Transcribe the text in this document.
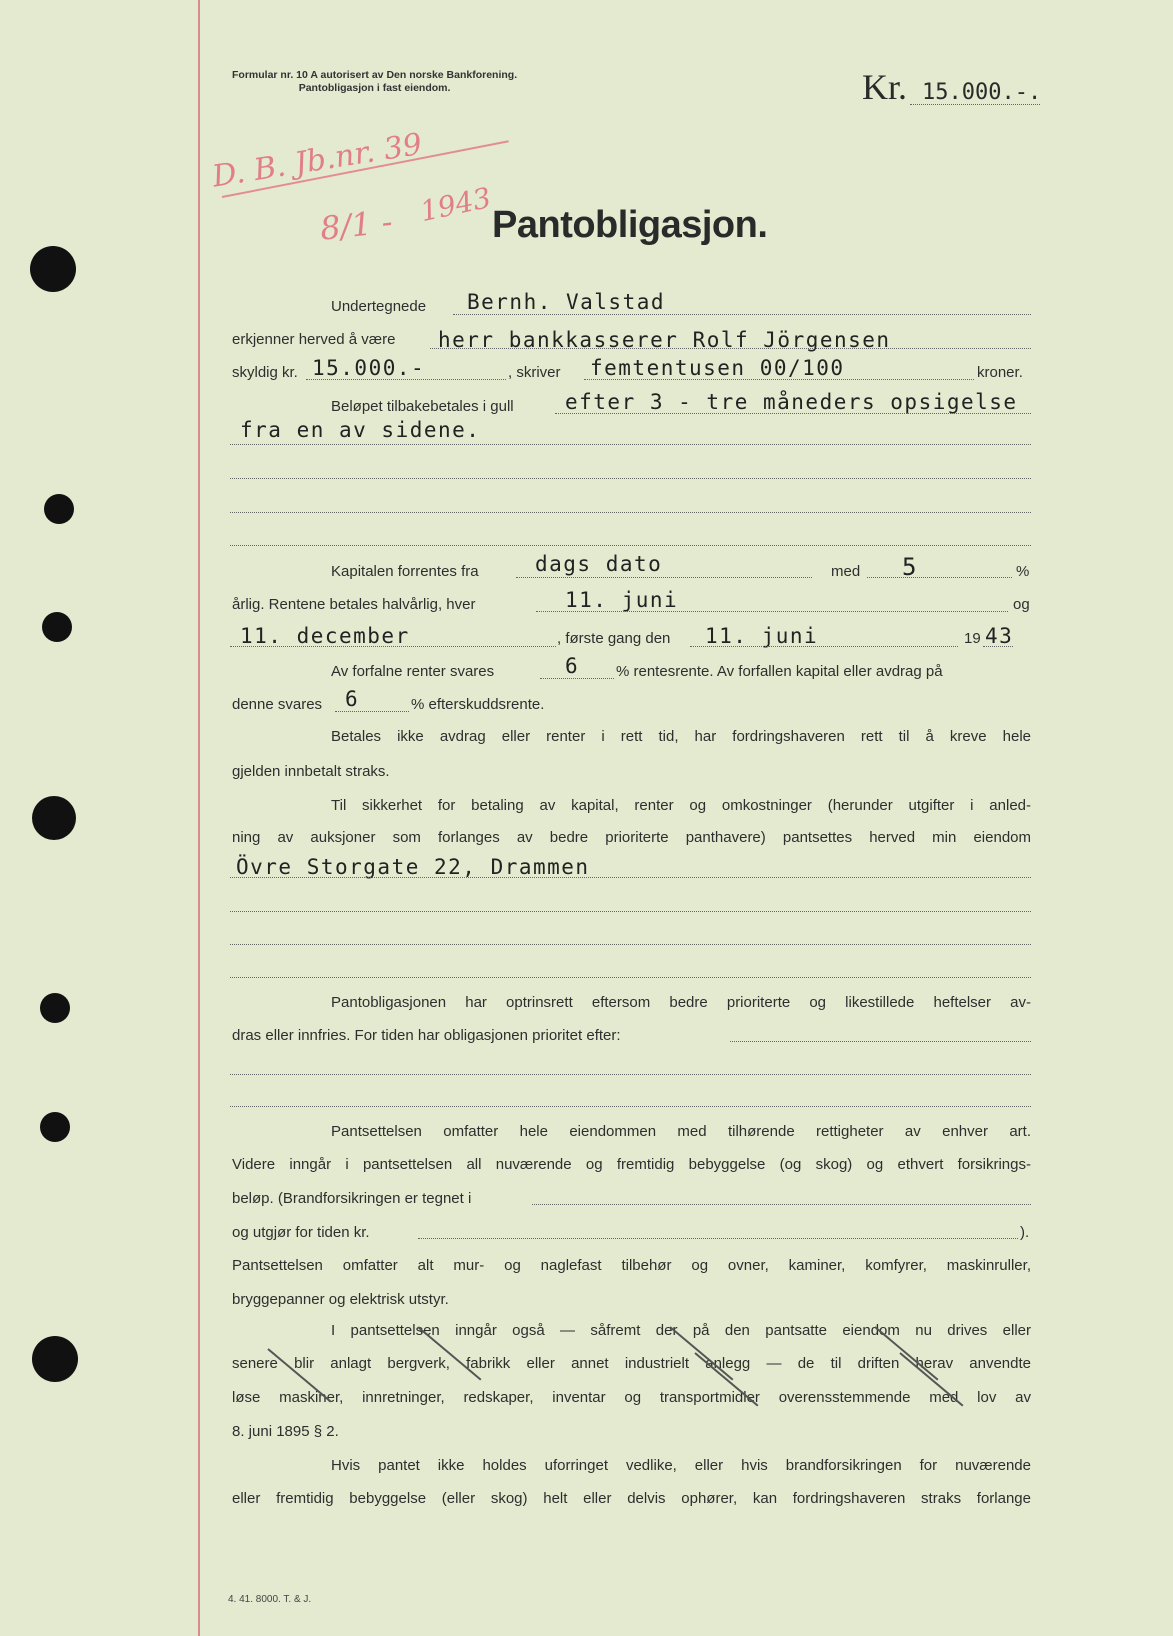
Formular nr. 10 A autorisert av Den norske Bankforening.
Pantobligasjon i fast eiendom.	Kr. 15.000.-.
D. B. Jb.nr. 39
8/1 - 1943
Pantobligasjon.
Undertegnede Bernh. Valstad
erkjenner herved å være herr bankkasserer Rolf Jörgensen
skyldig kr. 15.000.-	, skriver femtentusen 00/100	kroner.
Beløpet tilbakebetales i gull efter 3 - tre måneders opsigelse
fra en av sidene.
Kapitalen forrentes fra	dags dato	med 5	%
årlig. Rentene betales halvårlig, hver	11. juni	og
11. december	, første gang den 11. juni	19 43
Av forfalne renter svares	6 % rentesrente. Av forfallen kapital eller avdrag på
denne svares 6	% efterskuddsrente.
Betales ikke avdrag eller renter i rett tid, har fordringshaveren rett til å kreve hele
gjelden innbetalt straks.
Til sikkerhet for betaling av kapital, renter og omkostninger (herunder utgifter i anled-
ning av auksjoner som forlanges av bedre prioriterte panthavere) pantsettes herved min eiendom
Övre Storgate 22, Drammen
Pantobligasjonen har optrinsrett eftersom bedre prioriterte og likestillede heftelser av-
dras eller innfries. For tiden har obligasjonen prioritet efter:
Pantsettelsen omfatter hele eiendommen med tilhørende rettigheter av enhver art.
Videre inngår i pantsettelsen all nuværende og fremtidig bebyggelse (og skog) og ethvert forsikrings-
beløp. (Brandforsikringen er tegnet i
og utgjør for tiden kr.	).
Pantsettelsen omfatter alt mur- og naglefast tilbehør og ovner, kaminer, komfyrer, maskinruller,
bryggepanner og elektrisk utstyr.
I pantsettelsen inngår også — såfremt der på den pantsatte eiendom nu drives eller
senere blir anlagt bergverk, fabrikk eller annet industrielt anlegg — de til driften herav anvendte
løse maskiner, innretninger, redskaper, inventar og transportmidler overensstemmende med lov av
8. juni 1895 § 2.
Hvis pantet ikke holdes uforringet vedlike, eller hvis brandforsikringen for nuværende
eller fremtidig bebyggelse (eller skog) helt eller delvis ophører, kan fordringshaveren straks forlange
4. 41. 8000. T. & J.
